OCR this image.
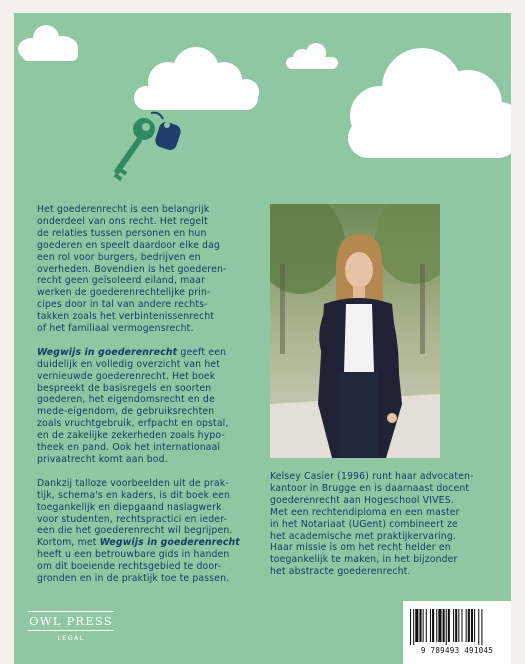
Het goederenrecht is een belangrijk
onderdeel van ons recht. Het regelt
de relaties tussen personen en hun
goederen en speelt daardoor elke dag
een rol voor burgers, bedrijven en
overheden. Bovendien is het goederen-
recht geen geïsoleerd eiland, maar
werken de goederenrechtelijke prin-
cipes door in tal van andere rechts-
takken zoals het verbintenissenrecht
of het familiaal vermogensrecht.

Wegwijs in goederenrecht geeft een
duidelijk en volledig overzicht van het
vernieuwde goederenrecht. Het boek
bespreekt de basisregels en soorten
goederen, het eigendomsrecht en de
mede-eigendom, de gebruiksrechten
zoals vruchtgebruik, erfpacht en opstal,
en de zakelijke zekerheden zoals hypo-
theek en pand. Ook het internationaal
privaatrecht komt aan bod.

Dankzij talloze voorbeelden uit de prak-
tijk, schema's en kaders, is dit boek een
toegankelijk en diepgaand naslagwerk
voor studenten, rechtspractici en ieder-
een die het goederenrecht wil begrijpen.
Kortom, met Wegwijs in goederenrecht
heeft u een betrouwbare gids in handen
om dit boeiende rechtsgebied te door-
gronden en in de praktijk toe te passen.

Kelsey Casier (1996) runt haar advocaten-
kantoor in Brugge en is daarnaast docent
goederenrecht aan Hogeschool VIVES.
Met een rechtendiploma en een master
in het Notariaat (UGent) combineert ze
het academische met praktijkervaring.
Haar missie is om het recht helder en
toegankelijk te maken, in het bijzonder
het abstracte goederenrecht.

OWL PRESS
LEGAL
9 789493 491045
